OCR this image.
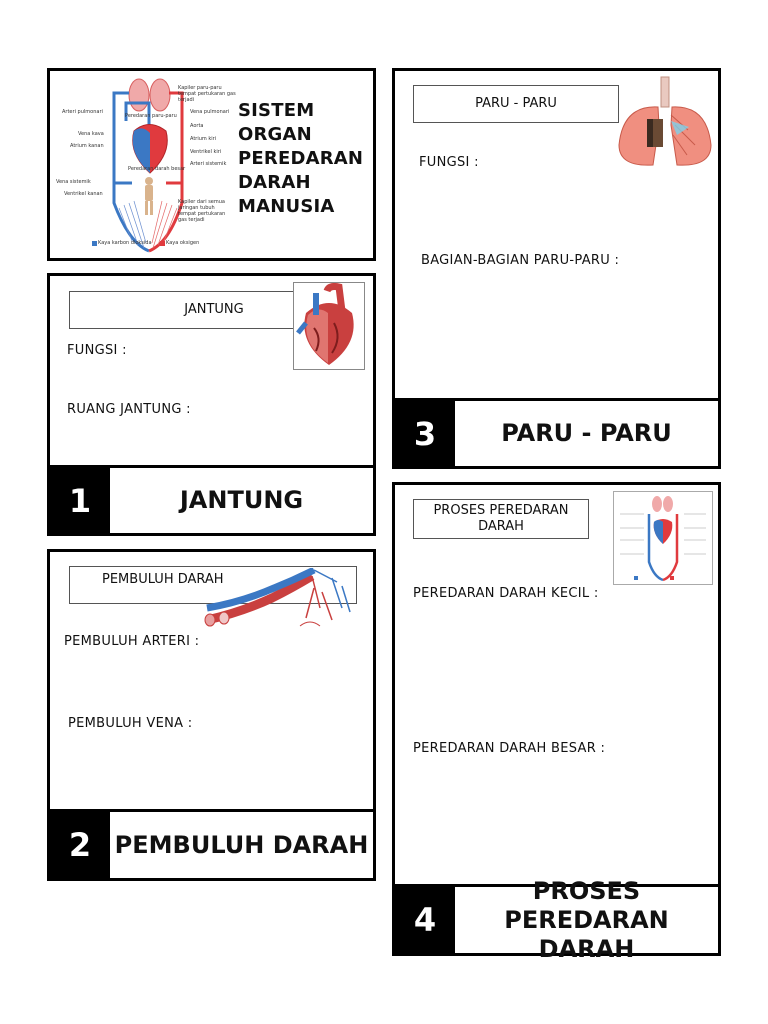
Kapiler paru-paru tempat pertukaran gas terjadi
Arteri pulmonari	Vena pulmonari
Peredaran paru-paru
Aorta
Vena kava
Atrium kiri
Atrium kanan
Ventrikel kiri
Arteri sistemik
Peredaran darah besar
Vena sistemik
Ventrikel kanan
Kapiler dari semua jaringan tubuh tempat pertukaran gas terjadi
Kaya karbon dioksida	Kaya oksigen
SISTEM
ORGAN
PEREDARAN
DARAH
MANUSIA
JANTUNG
FUNGSI :
RUANG JANTUNG :
1	JANTUNG
PEMBULUH DARAH
PEMBULUH ARTERI :
PEMBULUH VENA :
2 PEMBULUH DARAH
PARU - PARU
FUNGSI :
BAGIAN-BAGIAN PARU-PARU :
3	PARU - PARU
PROSES PEREDARAN DARAH
PEREDARAN DARAH KECIL :
PEREDARAN DARAH BESAR :
4
PROSES
PEREDARAN DARAH
